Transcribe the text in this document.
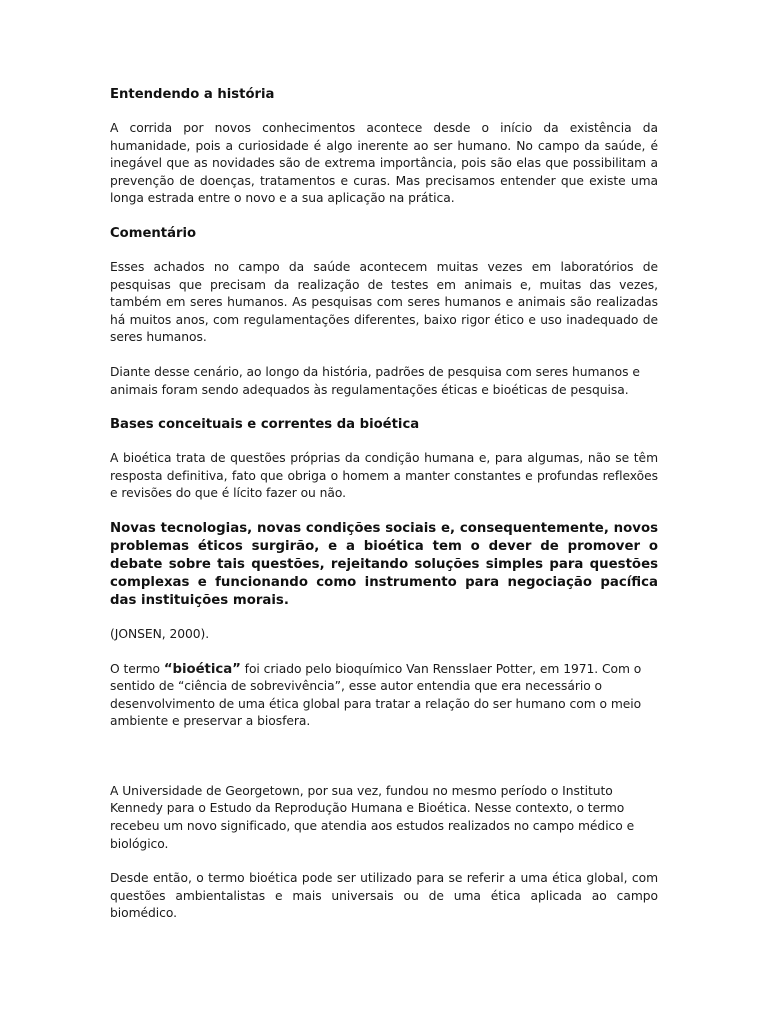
Entendendo a história

A corrida por novos conhecimentos acontece desde o início da existência da humanidade, pois a curiosidade é algo inerente ao ser humano. No campo da saúde, é inegável que as novidades são de extrema importância, pois são elas que possibilitam a prevenção de doenças, tratamentos e curas. Mas precisamos entender que existe uma longa estrada entre o novo e a sua aplicação na prática.

Comentário

Esses achados no campo da saúde acontecem muitas vezes em laboratórios de pesquisas que precisam da realização de testes em animais e, muitas das vezes, também em seres humanos. As pesquisas com seres humanos e animais são realizadas há muitos anos, com regulamentações diferentes, baixo rigor ético e uso inadequado de seres humanos.

Diante desse cenário, ao longo da história, padrões de pesquisa com seres humanos e animais foram sendo adequados às regulamentações éticas e bioéticas de pesquisa.

Bases conceituais e correntes da bioética

A bioética trata de questões próprias da condição humana e, para algumas, não se têm resposta definitiva, fato que obriga o homem a manter constantes e profundas reflexões e revisões do que é lícito fazer ou não.

Novas tecnologias, novas condições sociais e, consequentemente, novos problemas éticos surgirão, e a bioética tem o dever de promover o debate sobre tais questões, rejeitando soluções simples para questões complexas e funcionando como instrumento para negociação pacífica das instituições morais.

(JONSEN, 2000).

O termo “bioética” foi criado pelo bioquímico Van Rensslaer Potter, em 1971. Com o sentido de “ciência de sobrevivência”, esse autor entendia que era necessário o desenvolvimento de uma ética global para tratar a relação do ser humano com o meio ambiente e preservar a biosfera.

A Universidade de Georgetown, por sua vez, fundou no mesmo período o Instituto Kennedy para o Estudo da Reprodução Humana e Bioética. Nesse contexto, o termo recebeu um novo significado, que atendia aos estudos realizados no campo médico e biológico.

Desde então, o termo bioética pode ser utilizado para se referir a uma ética global, com questões ambientalistas e mais universais ou de uma ética aplicada ao campo biomédico.
